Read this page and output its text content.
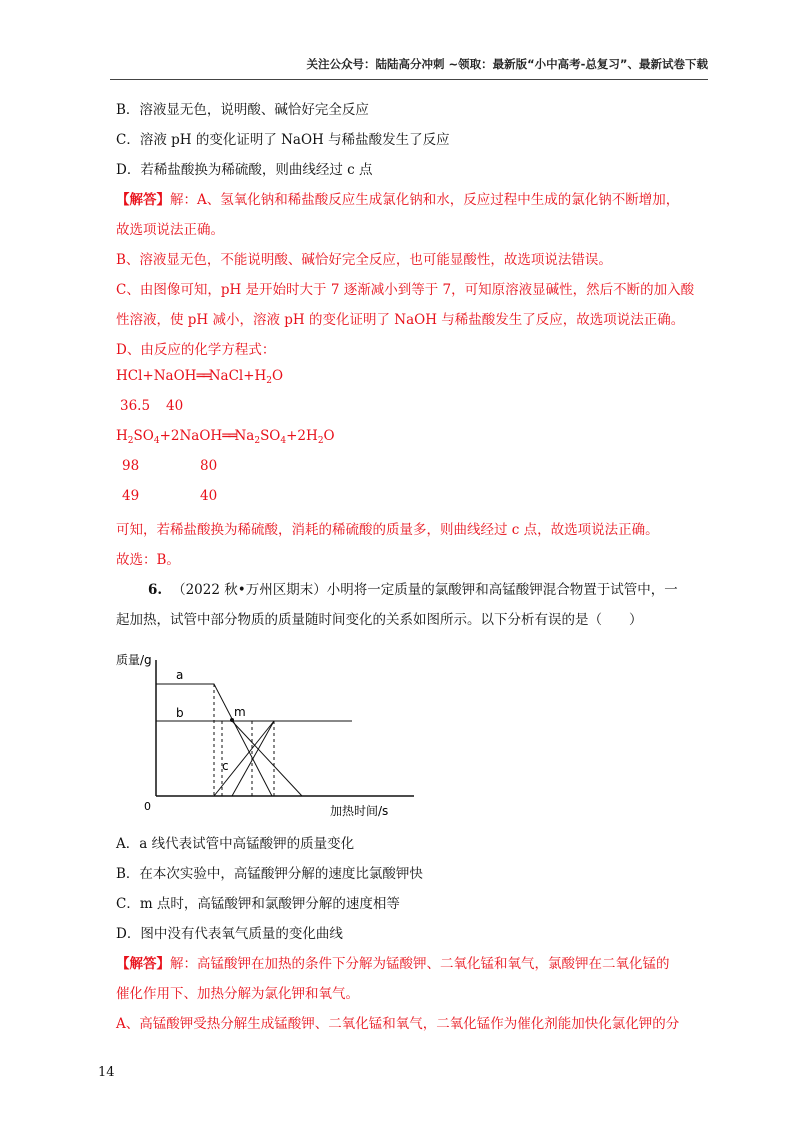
关注公众号：陆陆高分冲刺 ~领取：最新版“小中高考-总复习”、最新试卷下载
B．溶液显无色，说明酸、碱恰好完全反应
C．溶液 pH 的变化证明了 NaOH 与稀盐酸发生了反应
D．若稀盐酸换为稀硫酸，则曲线经过 c 点
【解答】解：A、氢氧化钠和稀盐酸反应生成氯化钠和水，反应过程中生成的氯化钠不断增加，
故选项说法正确。
B、溶液显无色，不能说明酸、碱恰好完全反应，也可能显酸性，故选项说法错误。
C、由图像可知，pH 是开始时大于 7 逐渐减小到等于 7，可知原溶液显碱性，然后不断的加入酸
性溶液，使 pH 减小，溶液 pH 的变化证明了 NaOH 与稀盐酸发生了反应，故选项说法正确。
D、由反应的化学方程式：
$HCl+NaOH══NaCl+H_2O$
36.5 40
$H_2SO_4+2NaOH══Na_2SO_4+2H_2O$
98	80
49	40
可知，若稀盐酸换为稀硫酸，消耗的稀硫酸的质量多，则曲线经过 c 点，故选项说法正确。
故选：B。
6. （2022 秋•万州区期末）小明将一定质量的氯酸钾和高锰酸钾混合物置于试管中，一
起加热，试管中部分物质的质量随时间变化的关系如图所示。以下分析有误的是（　　）
质量/g
加热时间/s
0
a
b
c
m
A．a 线代表试管中高锰酸钾的质量变化
B．在本次实验中，高锰酸钾分解的速度比氯酸钾快
C．m 点时，高锰酸钾和氯酸钾分解的速度相等
D．图中没有代表氧气质量的变化曲线
【解答】解：高锰酸钾在加热的条件下分解为锰酸钾、二氧化锰和氧气，氯酸钾在二氧化锰的
催化作用下、加热分解为氯化钾和氧气。
A、高锰酸钾受热分解生成锰酸钾、二氧化锰和氧气，二氧化锰作为催化剂能加快化氯化钾的分
14
